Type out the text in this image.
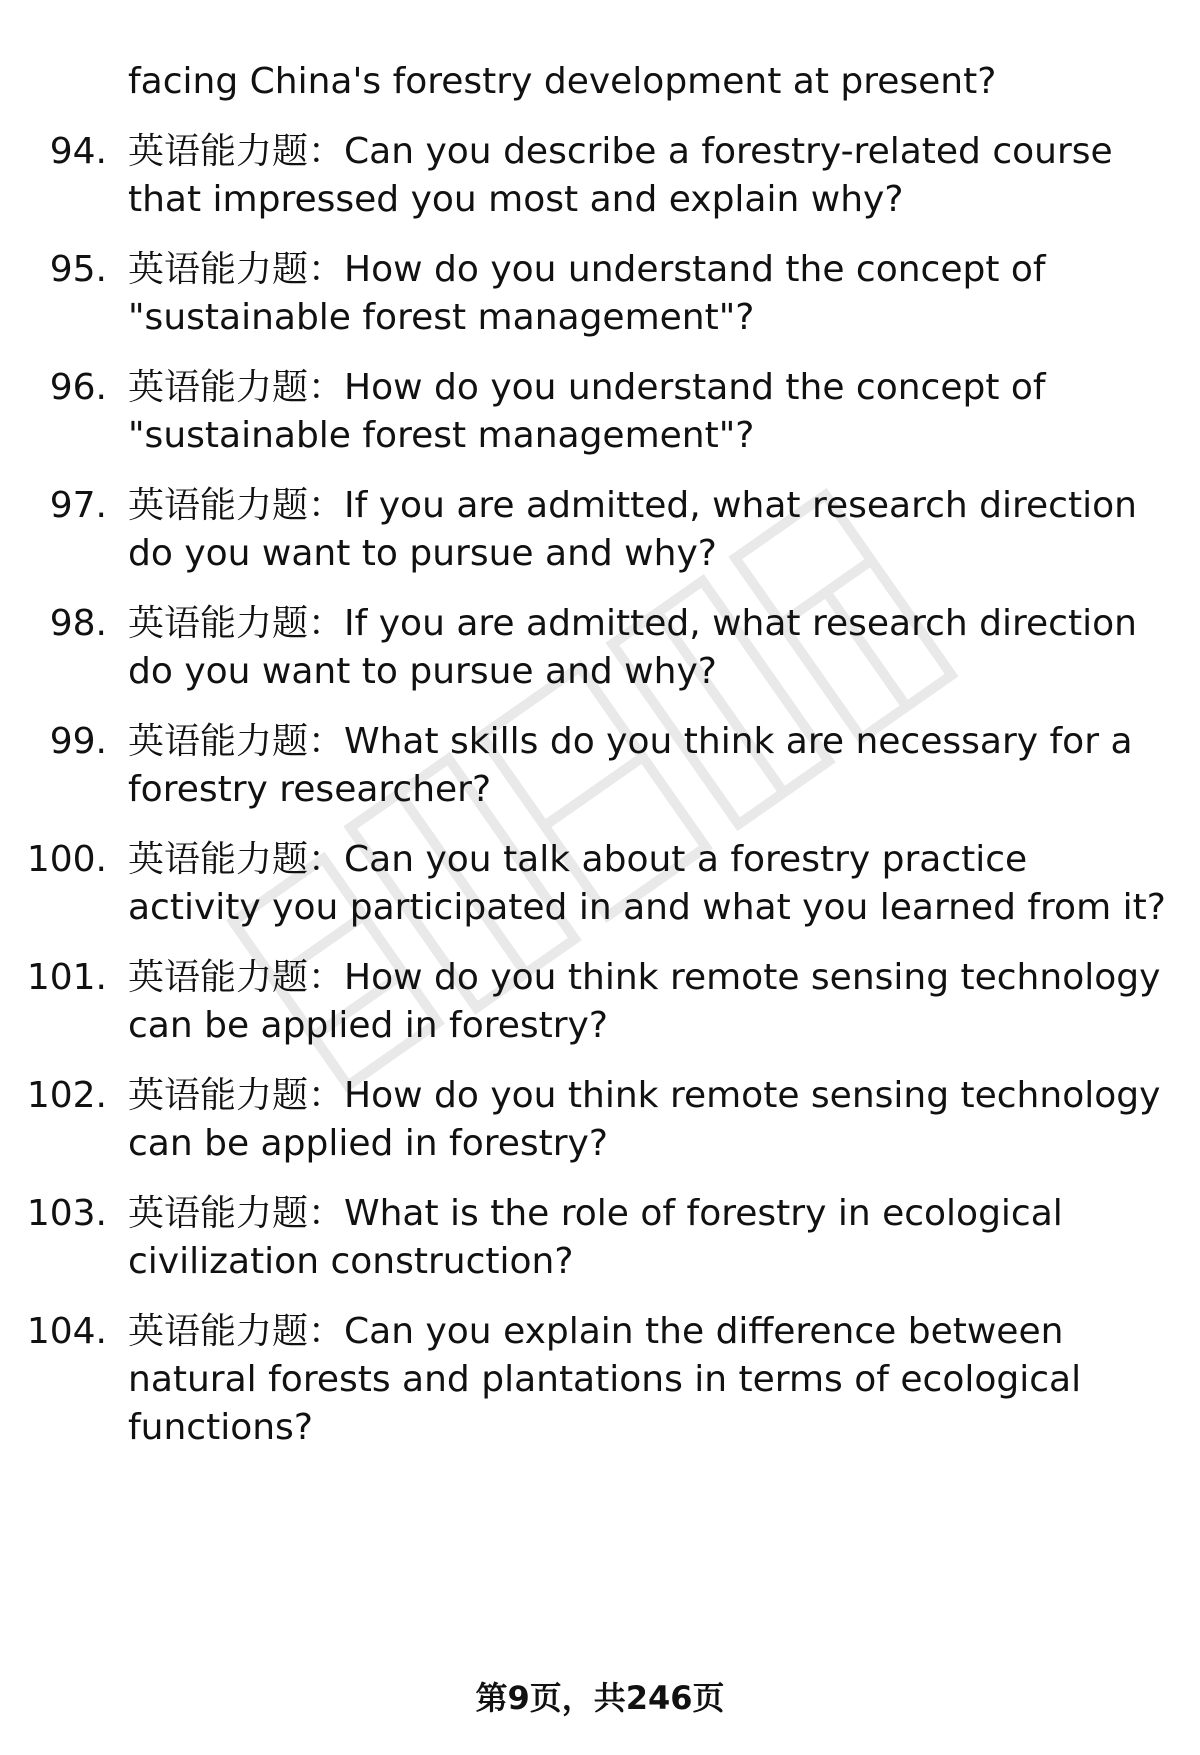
facing China's forestry development at present?
94. 英语能力题：Can you describe a forestry-related course that impressed you most and explain why?
95. 英语能力题：How do you understand the concept of "sustainable forest management"?
96. 英语能力题：How do you understand the concept of "sustainable forest management"?
97. 英语能力题：If you are admitted, what research direction do you want to pursue and why?
98. 英语能力题：If you are admitted, what research direction do you want to pursue and why?
99. 英语能力题：What skills do you think are necessary for a forestry researcher?
100. 英语能力题：Can you talk about a forestry practice activity you participated in and what you learned from it?
101. 英语能力题：How do you think remote sensing technology can be applied in forestry?
102. 英语能力题：How do you think remote sensing technology can be applied in forestry?
103. 英语能力题：What is the role of forestry in ecological civilization construction?
104. 英语能力题：Can you explain the difference between natural forests and plantations in terms of ecological functions?
第9页，共246页
